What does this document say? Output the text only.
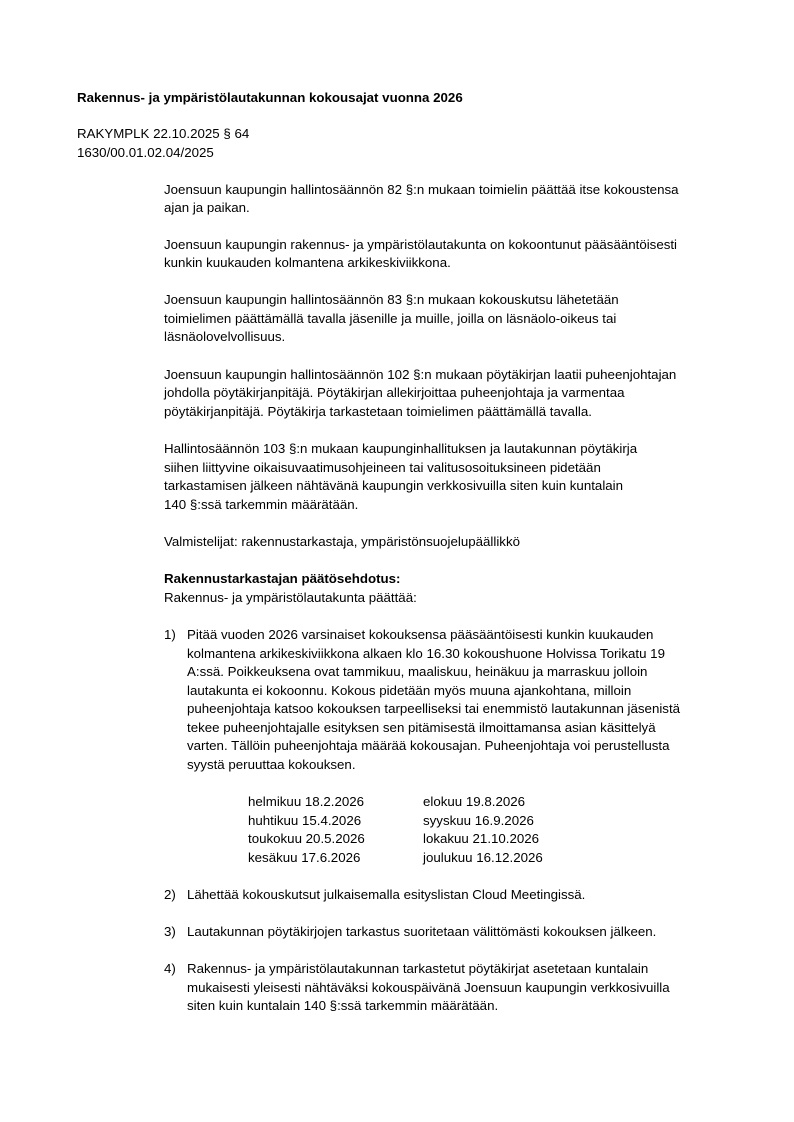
Rakennus- ja ympäristölautakunnan kokousajat vuonna 2026
RAKYMPLK 22.10.2025 § 64
1630/00.01.02.04/2025
Joensuun kaupungin hallintosäännön 82 §:n mukaan toimielin päättää itse kokoustensa
ajan ja paikan.
Joensuun kaupungin rakennus- ja ympäristölautakunta on kokoontunut pääsääntöisesti
kunkin kuukauden kolmantena arkikeskiviikkona.
Joensuun kaupungin hallintosäännön 83 §:n mukaan kokouskutsu lähetetään
toimielimen päättämällä tavalla jäsenille ja muille, joilla on läsnäolo-oikeus tai
läsnäolovelvollisuus.
Joensuun kaupungin hallintosäännön 102 §:n mukaan pöytäkirjan laatii puheenjohtajan
johdolla pöytäkirjanpitäjä. Pöytäkirjan allekirjoittaa puheenjohtaja ja varmentaa
pöytäkirjanpitäjä. Pöytäkirja tarkastetaan toimielimen päättämällä tavalla.
Hallintosäännön 103 §:n mukaan kaupunginhallituksen ja lautakunnan pöytäkirja
siihen liittyvine oikaisuvaatimusohjeineen tai valitusosoituksineen pidetään
tarkastamisen jälkeen nähtävänä kaupungin verkkosivuilla siten kuin kuntalain
140 §:ssä tarkemmin määrätään.
Valmistelijat: rakennustarkastaja, ympäristönsuojelupäällikkö
Rakennustarkastajan päätösehdotus:
Rakennus- ja ympäristölautakunta päättää:
1) Pitää vuoden 2026 varsinaiset kokouksensa pääsääntöisesti kunkin kuukauden
kolmantena arkikeskiviikkona alkaen klo 16.30 kokoushuone Holvissa Torikatu 19
A:ssä. Poikkeuksena ovat tammikuu, maaliskuu, heinäkuu ja marraskuu jolloin
lautakunta ei kokoonnu. Kokous pidetään myös muuna ajankohtana, milloin
puheenjohtaja katsoo kokouksen tarpeelliseksi tai enemmistö lautakunnan jäsenistä
tekee puheenjohtajalle esityksen sen pitämisestä ilmoittamansa asian käsittelyä
varten. Tällöin puheenjohtaja määrää kokousajan. Puheenjohtaja voi perustellusta
syystä peruuttaa kokouksen.
helmikuu 18.2.2026	elokuu 19.8.2026
huhtikuu 15.4.2026	syyskuu 16.9.2026
toukokuu 20.5.2026	lokakuu 21.10.2026
kesäkuu 17.6.2026	joulukuu 16.12.2026
2) Lähettää kokouskutsut julkaisemalla esityslistan Cloud Meetingissä.
3) Lautakunnan pöytäkirjojen tarkastus suoritetaan välittömästi kokouksen jälkeen.
4) Rakennus- ja ympäristölautakunnan tarkastetut pöytäkirjat asetetaan kuntalain
mukaisesti yleisesti nähtäväksi kokouspäivänä Joensuun kaupungin verkkosivuilla
siten kuin kuntalain 140 §:ssä tarkemmin määrätään.
